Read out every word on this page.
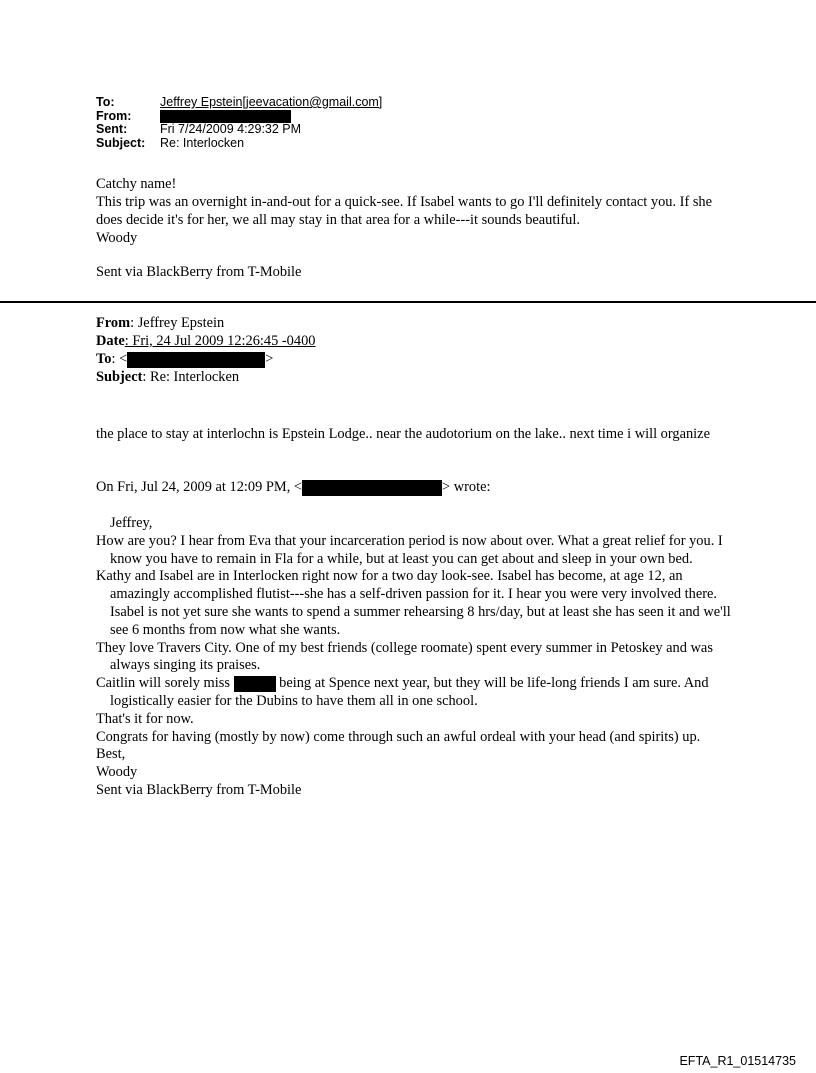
To:	Jeffrey Epstein[jeevacation@gmail.com]
From:
Sent:	Fri 7/24/2009 4:29:32 PM
Subject:	Re: Interlocken

Catchy name!

This trip was an overnight in-and-out for a quick-see. If Isabel wants to go I'll definitely contact you. If she does decide it's for her, we all may stay in that area for a while---it sounds beautiful.

Woody

Sent via BlackBerry from T-Mobile

From: Jeffrey Epstein

Date: Fri, 24 Jul 2009 12:26:45 -0400

To: <	>

Subject: Re: Interlocken

the place to stay at interlochn is Epstein Lodge.. near the audotorium on the lake.. next time i will organize

On Fri, Jul 24, 2009 at 12:09 PM, <	> wrote:

Jeffrey,

How are you? I hear from Eva that your incarceration period is now about over. What a great relief for you. I know you have to remain in Fla for a while, but at least you can get about and sleep in your own bed.

Kathy and Isabel are in Interlocken right now for a two day look-see. Isabel has become, at age 12, an amazingly accomplished flutist---she has a self-driven passion for it. I hear you were very involved there. Isabel is not yet sure she wants to spend a summer rehearsing 8 hrs/day, but at least she has seen it and we'll see 6 months from now what she wants.

They love Travers City. One of my best friends (college roomate) spent every summer in Petoskey and was always singing its praises.

Caitlin will sorely miss	being at Spence next year, but they will be life-long friends I am sure. And logistically easier for the Dubins to have them all in one school.

That's it for now.

Congrats for having (mostly by now) come through such an awful ordeal with your head (and spirits) up.

Best,

Woody

Sent via BlackBerry from T-Mobile

EFTA_R1_01514735
